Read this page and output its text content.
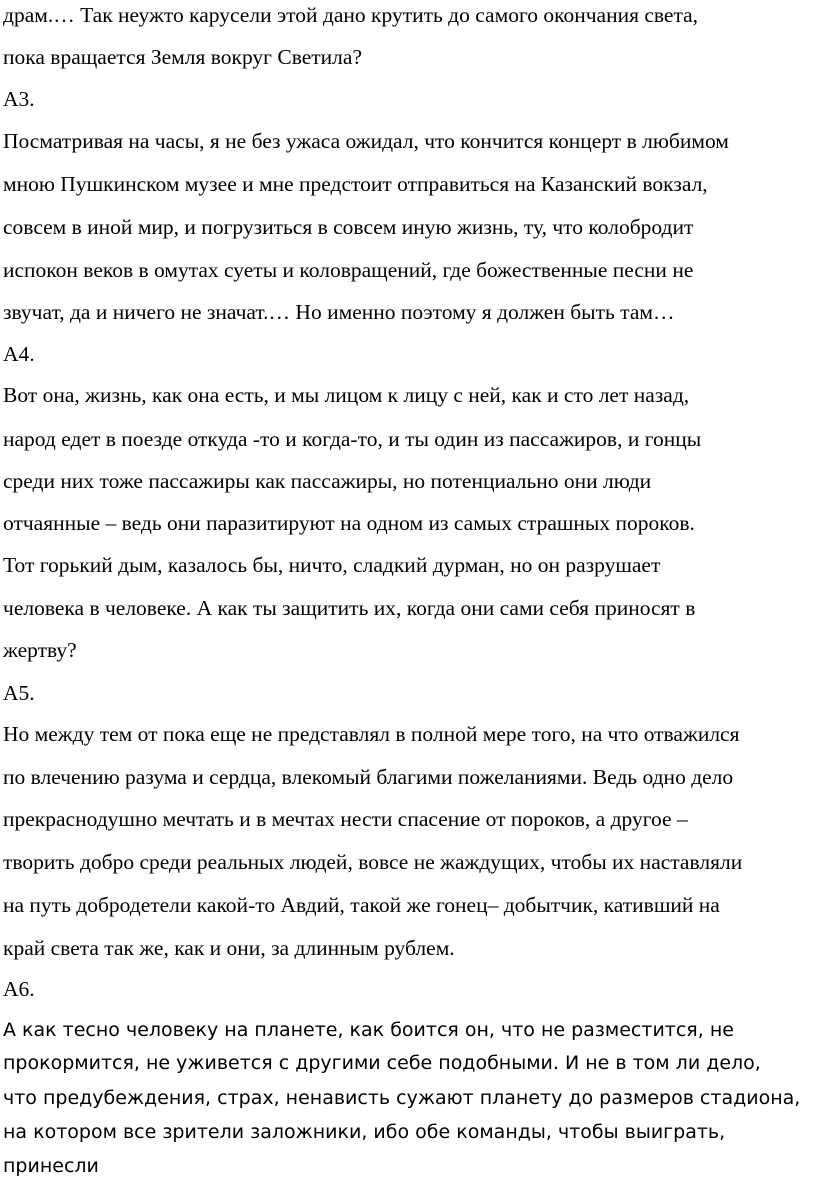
драм.… Так неужто карусели этой дано крутить до самого окончания света,
пока вращается Земля вокруг Светила?
А3.
Посматривая на часы, я не без ужаса ожидал, что кончится концерт в любимом
мною Пушкинском музее и мне предстоит отправиться на Казанский вокзал,
совсем в иной мир, и погрузиться в совсем иную жизнь, ту, что колобродит
испокон веков в омутах суеты и коловращений, где божественные песни не
звучат, да и ничего не значат.… Но именно поэтому я должен быть там…
А4.
Вот она, жизнь, как она есть, и мы лицом к лицу с ней, как и сто лет назад,
народ едет в поезде откуда -то и когда-то, и ты один из пассажиров, и гонцы
среди них тоже пассажиры как пассажиры, но потенциально они люди
отчаянные – ведь они паразитируют на одном из самых страшных пороков.
Тот горький дым, казалось бы, ничто, сладкий дурман, но он разрушает
человека в человеке. А как ты защитить их, когда они сами себя приносят в
жертву?
А5.
Но между тем от пока еще не представлял в полной мере того, на что отважился
по влечению разума и сердца, влекомый благими пожеланиями. Ведь одно дело
прекраснодушно мечтать и в мечтах нести спасение от пороков, а другое –
творить добро среди реальных людей, вовсе не жаждущих, чтобы их наставляли
на путь добродетели какой-то Авдий, такой же гонец– добытчик, кативший на
край света так же, как и они, за длинным рублем.
А6.
А как тесно человеку на планете, как боится он, что не разместится, не
прокормится, не уживется с другими себе подобными. И не в том ли дело,
что предубеждения, страх, ненависть сужают планету до размеров стадиона,
на котором все зрители заложники, ибо обе команды, чтобы выиграть,
принесли
